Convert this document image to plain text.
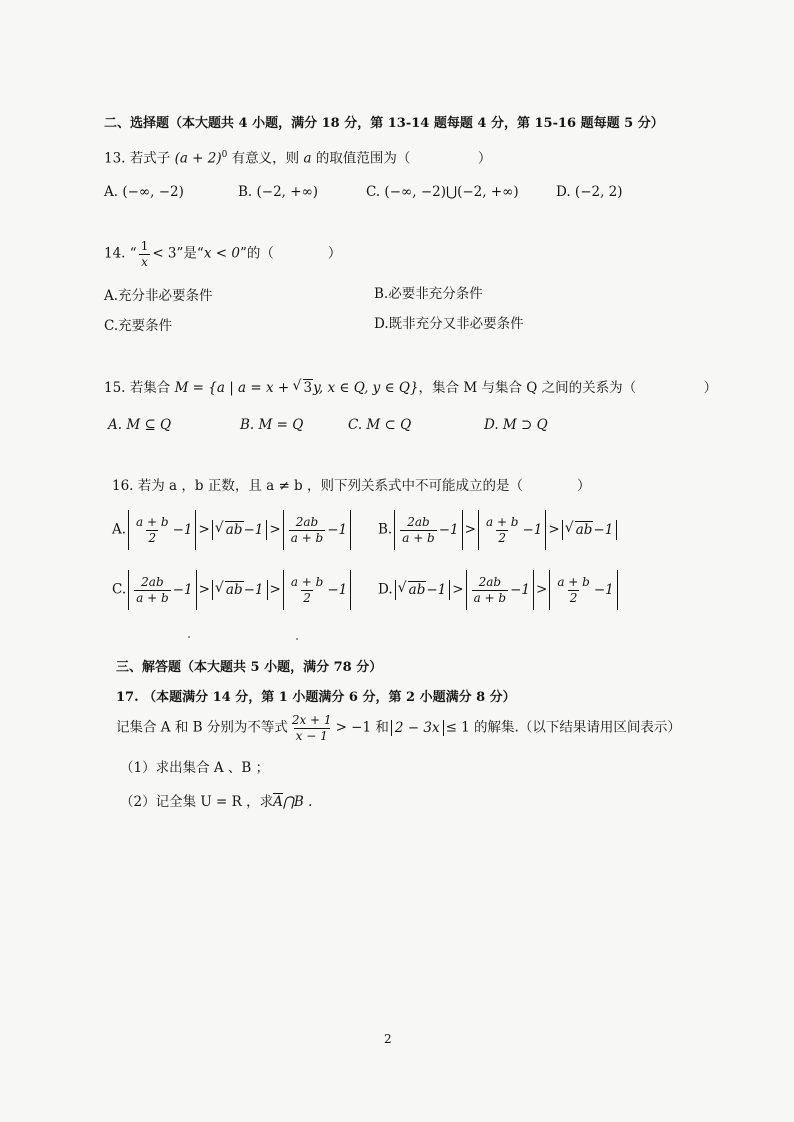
二、选择题（本大题共 4 小题，满分 18 分，第 13-14 题每题 4 分，第 15-16 题每题 5 分）
13. 若式子 $(a + 2)^0$ 有意义，则 a 的取值范围为（　　　　　）
A. (−∞, −2)	B. (−2, +∞)	C. (−∞, −2)⋃(−2, +∞)	D. (−2, 2)
14. “ $\frac{1}{x} < 3$”是“x < 0”的（　　　　）
A.充分非必要条件	B.必要非充分条件
C.充要条件	D.既非充分又非必要条件
15. 若集合 M = {a | a = x + √ 3y, x ∈ Q, y ∈ Q}，集合 M 与集合 Q 之间的关系为（　　　　　）
A. M ⊆ Q	B. M = Q	C. M ⊂ Q	D. M ⊃ Q
16. 若为 a ，b 正数，且 a ≠ b ，则下列关系式中不可能成立的是（　　　　）
A. $\frac{a + b}{2} -1$ >	√ ab $-1 > \frac{2ab}{a + b} -1$ B. $\frac{2ab}{a + b} -1 > \frac{a + b}{2} -1$ >	√ ab −1
C. $\frac{2ab}{a + b} -1$ >	√ ab $-1 > \frac{a + b}{2} -1$ D.	√ ab $-1 > \frac{2ab}{a + b} -1 > \frac{a + b}{2} -1$
三、解答题（本大题共 5 小题，满分 78 分）
17. （本题满分 14 分，第 1 小题满分 6 分，第 2 小题满分 8 分）
记集合 A 和 B 分别为不等式 $\frac{2x + 1}{x - 1} > -1$ 和 2 − 3x ≤ 1 的解集.（以下结果请用区间表示）
（1）求出集合 A 、B ；
（2）记全集 U = R ，求A⋂B .
2
